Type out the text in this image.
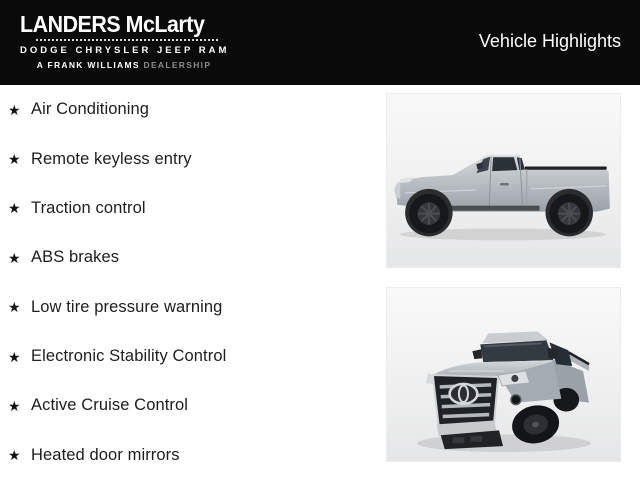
LANDERS McLarty
DODGE CHRYSLER JEEP RAM
A FRANK WILLIAMS DEALERSHIP
Vehicle Highlights
★ Air Conditioning
★ Remote keyless entry
★ Traction control
★ ABS brakes
★ Low tire pressure warning
★ Electronic Stability Control
★ Active Cruise Control
★ Heated door mirrors
